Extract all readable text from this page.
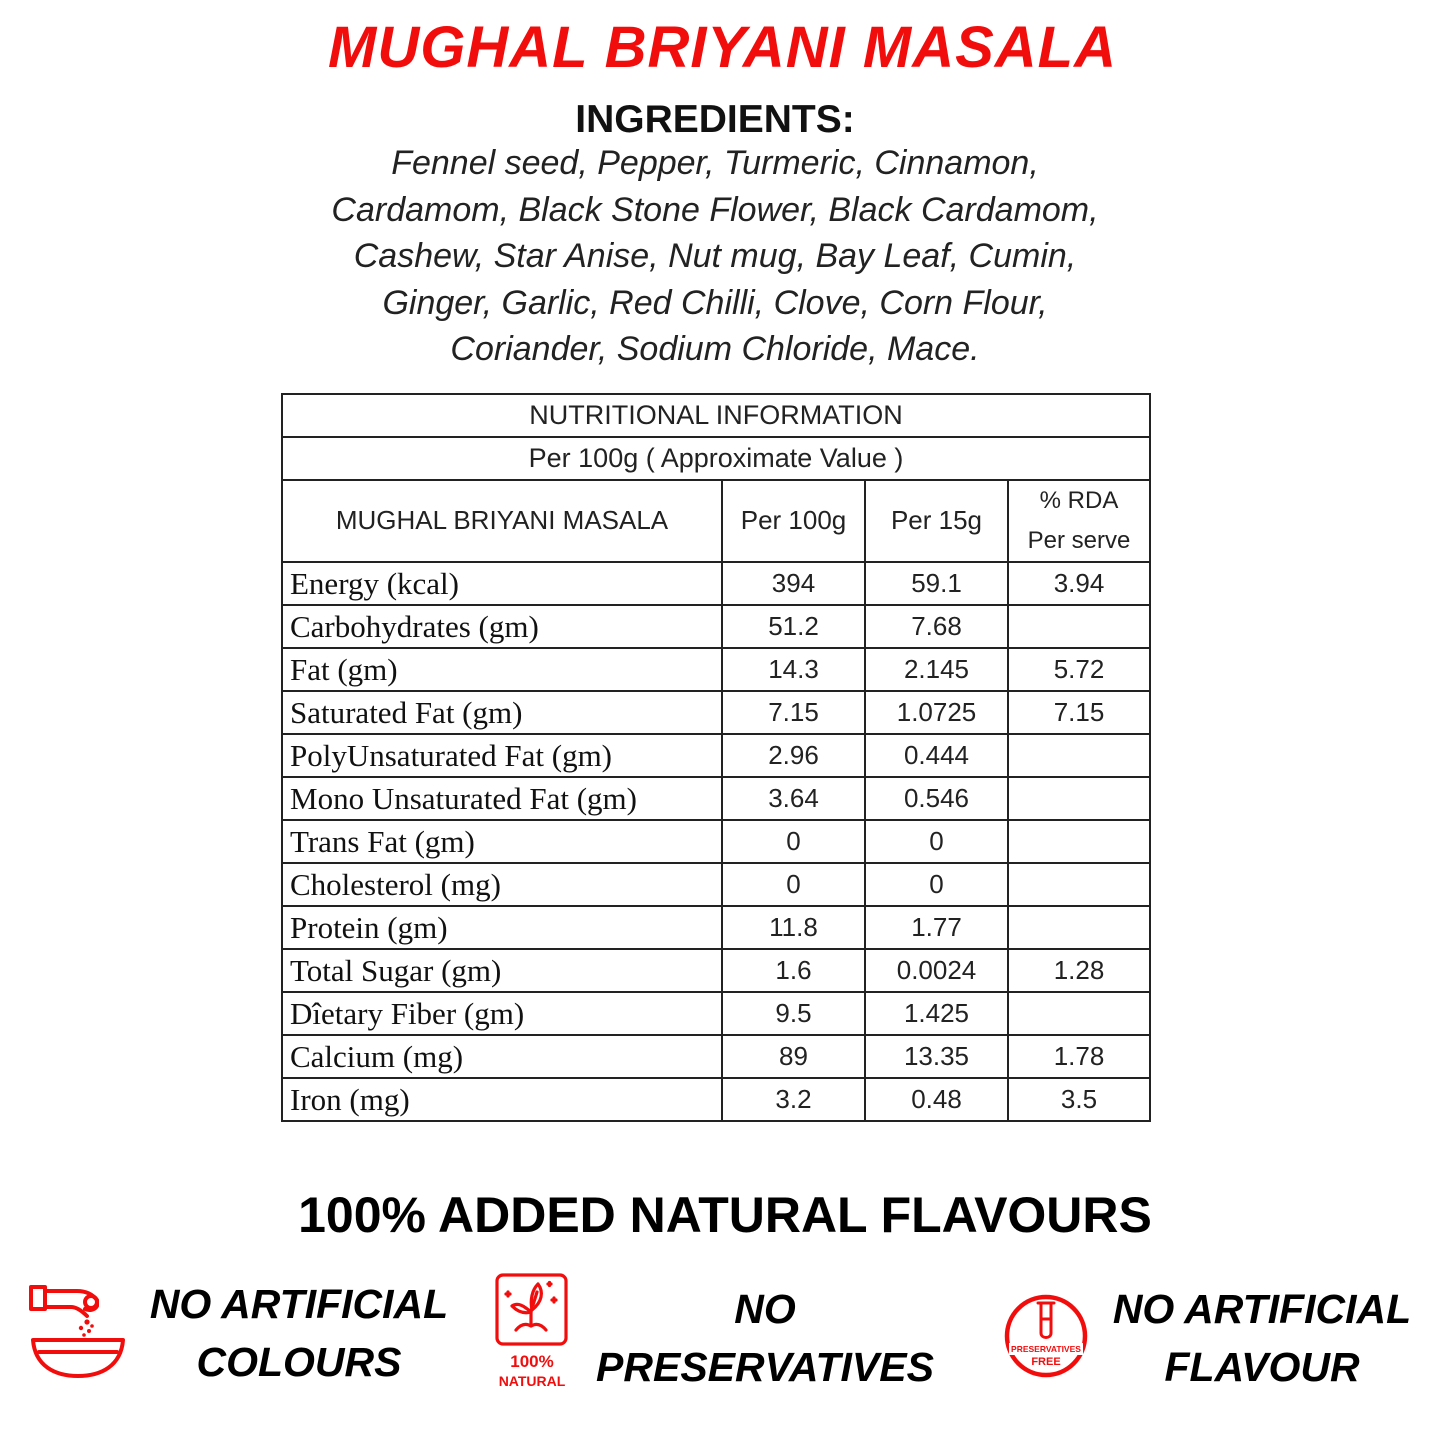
MUGHAL BRIYANI MASALA
INGREDIENTS:
Fennel seed, Pepper, Turmeric, Cinnamon,
Cardamom, Black Stone Flower, Black Cardamom,
Cashew, Star Anise, Nut mug, Bay Leaf, Cumin,
Ginger, Garlic, Red Chilli, Clove, Corn Flour,
Coriander, Sodium Chloride, Mace.
NUTRITIONAL INFORMATION			
Per 100g ( Approximate Value )			
MUGHAL BRIYANI MASALA	Per 100g	Per 15g	% RDA
Per serve

Energy (kcal)	394	59.1	3.94
Carbohydrates (gm)	51.2	7.68	
Fat (gm)	14.3	2.145	5.72
Saturated Fat (gm)	7.15	1.0725	7.15
PolyUnsaturated Fat (gm)	2.96	0.444	
Mono Unsaturated Fat (gm)	3.64	0.546	
Trans Fat (gm)	0	0	
Cholesterol (mg)	0	0	
Protein (gm)	11.8	1.77	
Total Sugar (gm)	1.6	0.0024	1.28
Dîetary Fiber (gm)	9.5	1.425	
Calcium (mg)	89	13.35	1.78
Iron (mg)	3.2	0.48	3.5
100% ADDED NATURAL FLAVOURS
NO ARTIFICIAL
COLOURS	100%
NATURAL
NO
PRESERVATIVES	PRESERVATIVES
FREE
NO ARTIFICIAL
FLAVOUR
